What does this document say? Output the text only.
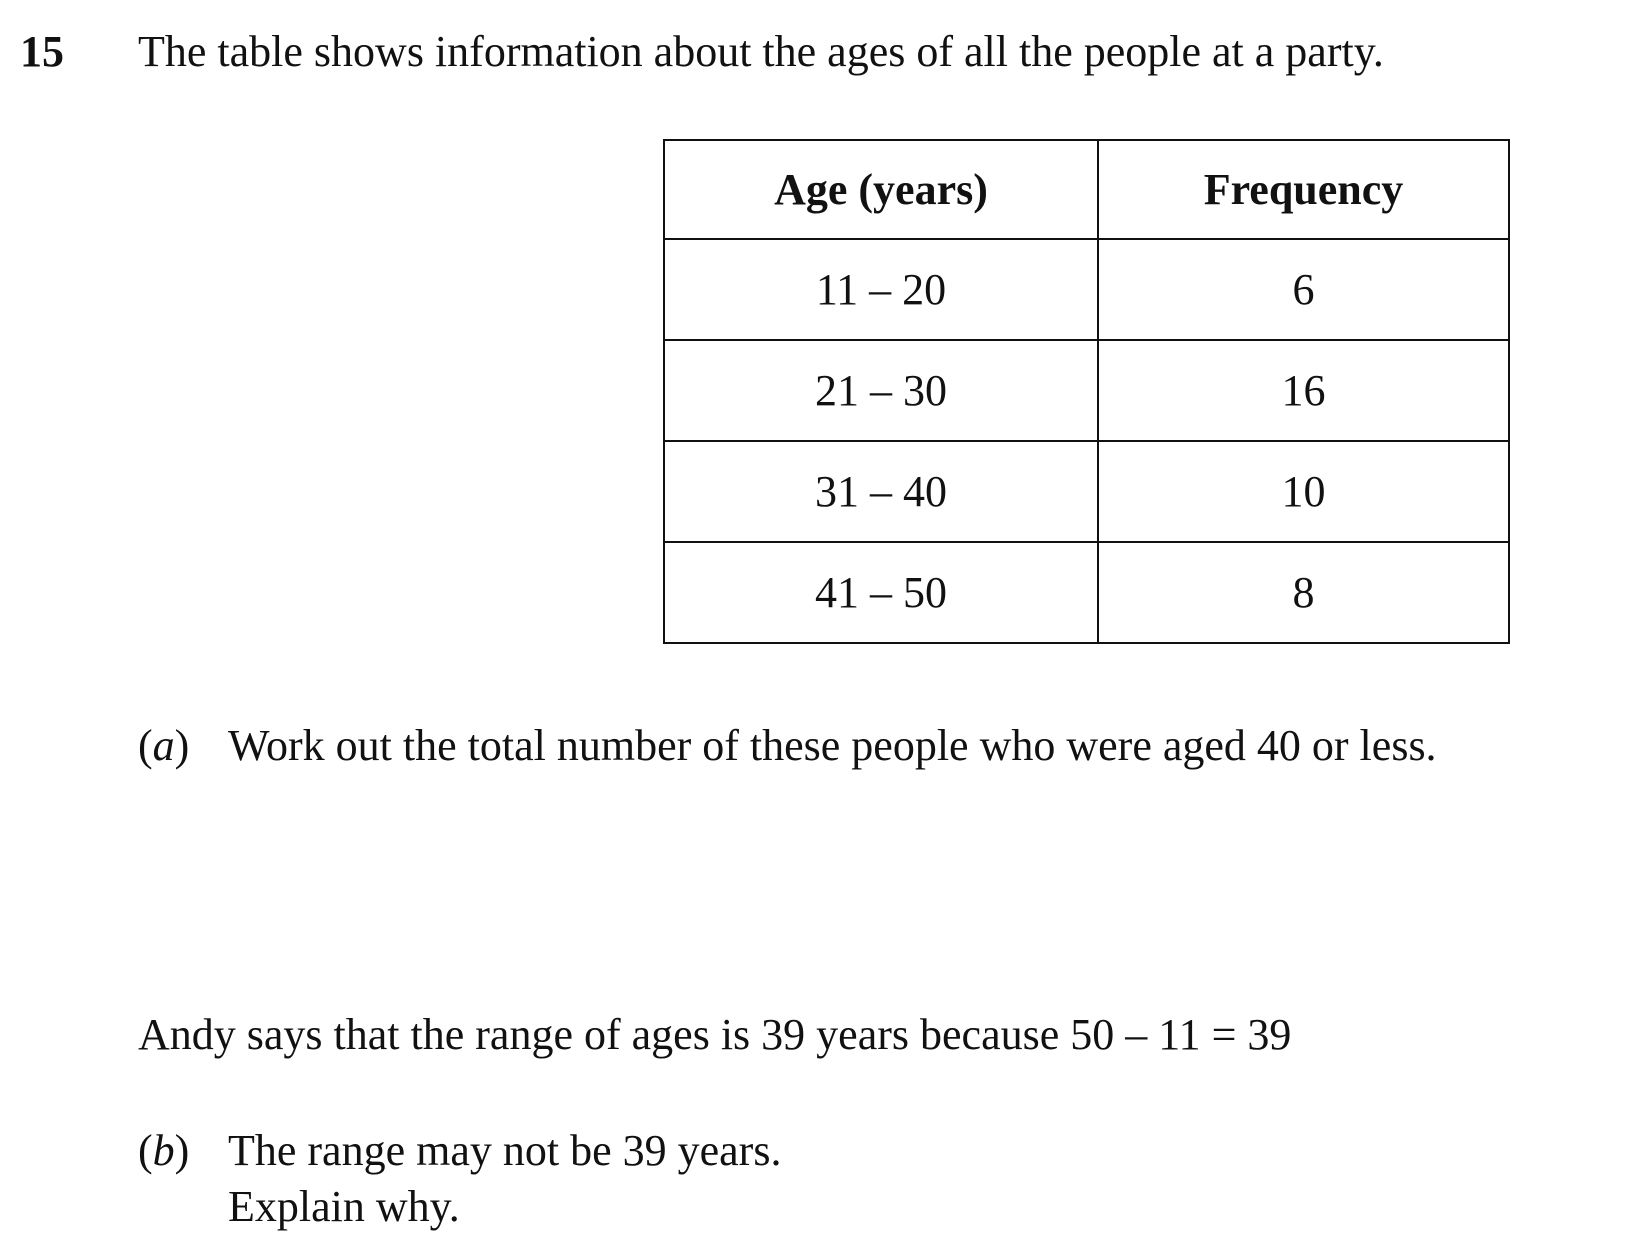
15 The table shows information about the ages of all the people at a party.
Age (years)	Frequency
11 – 20	6
21 – 30	16
31 – 40	10
41 – 50	8
(a) Work out the total number of these people who were aged 40 or less.
Andy says that the range of ages is 39 years because 50 – 11 = 39
(b) The range may not be 39 years.
Explain why.
